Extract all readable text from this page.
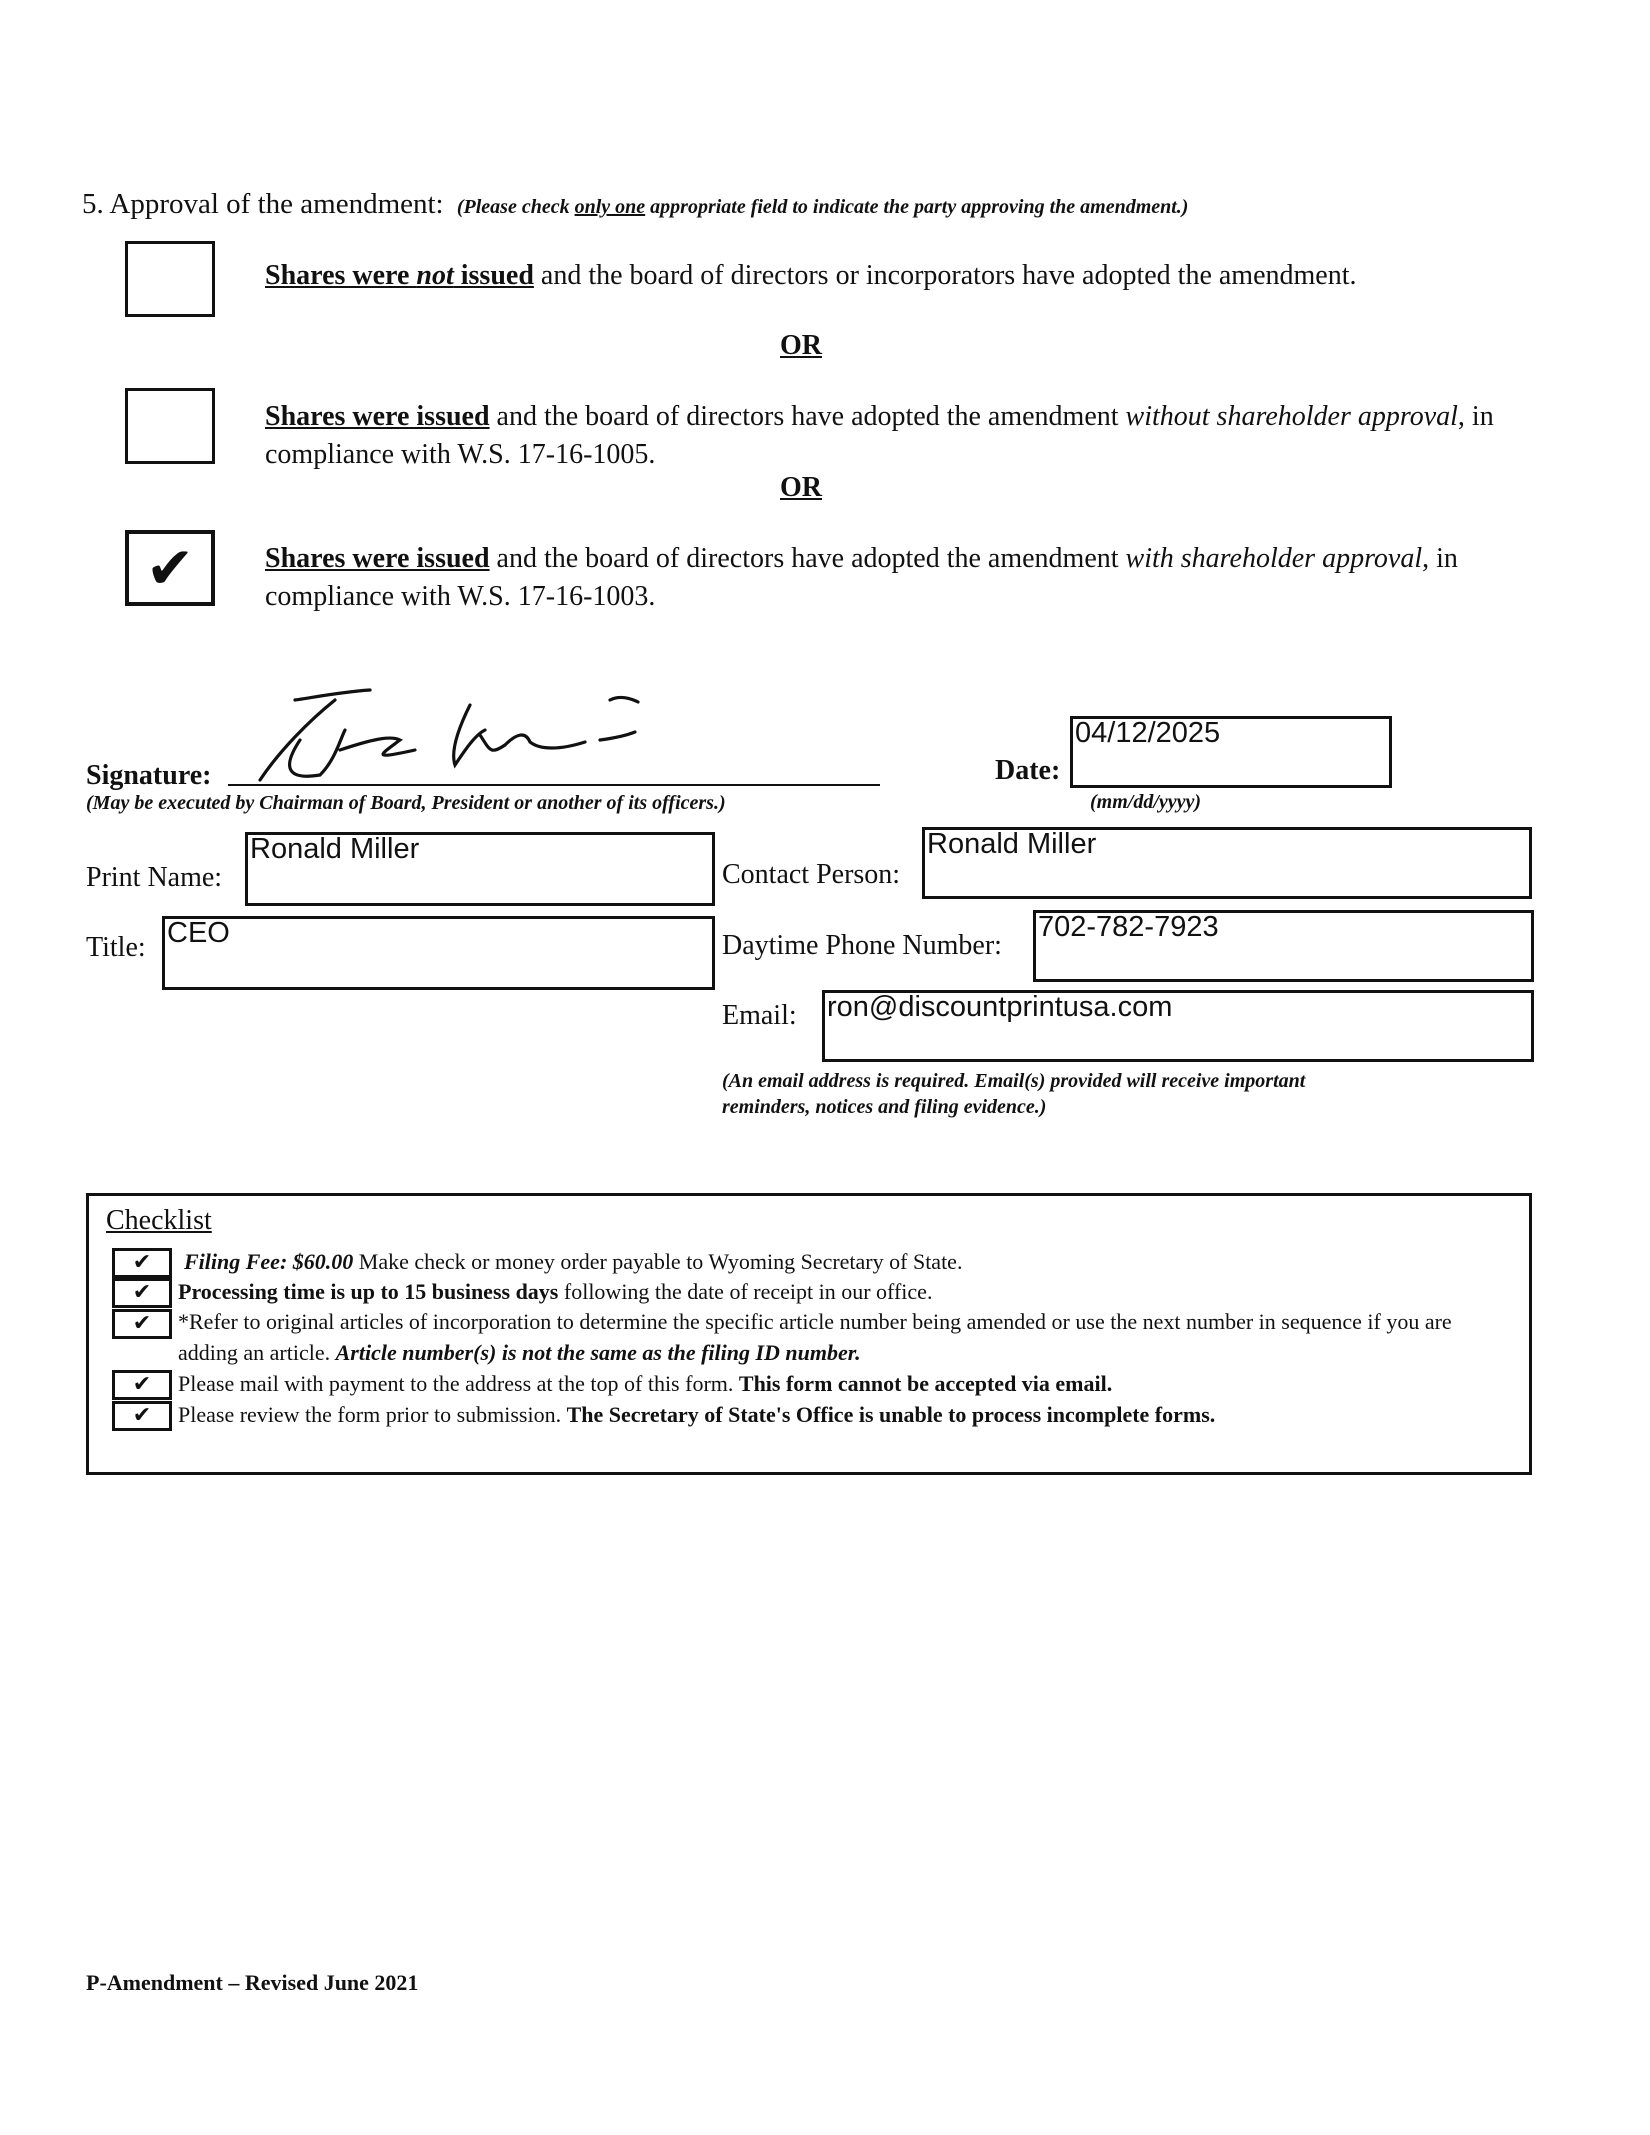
5. Approval of the amendment: (Please check only one appropriate field to indicate the party approving the amendment.)
Shares were not issued and the board of directors or incorporators have adopted the amendment.
OR
Shares were issued and the board of directors have adopted the amendment without shareholder approval, in compliance with W.S. 17-16-1005.
OR
✔	Shares were issued and the board of directors have adopted the amendment with shareholder approval, in compliance with W.S. 17-16-1003.
Signature:
(May be executed by Chairman of Board, President or another of its officers.)
Date:
04/12/2025
(mm/dd/yyyy)
Print Name:
Ronald Miller
Contact Person:
Ronald Miller
Title: CEO	Daytime Phone Number:
702-782-7923
Email: ron@discountprintusa.com
(An email address is required. Email(s) provided will receive important
reminders, notices and filing evidence.)
Checklist
✔	Filing Fee: $60.00 Make check or money order payable to Wyoming Secretary of State.
✔	Processing time is up to 15 business days following the date of receipt in our office.
✔	*Refer to original articles of incorporation to determine the specific article number being amended or use the next number in sequence if you are adding an article. Article number(s) is not the same as the filing ID number.
✔	Please mail with payment to the address at the top of this form. This form cannot be accepted via email.
✔	Please review the form prior to submission. The Secretary of State's Office is unable to process incomplete forms.
P-Amendment – Revised June 2021
